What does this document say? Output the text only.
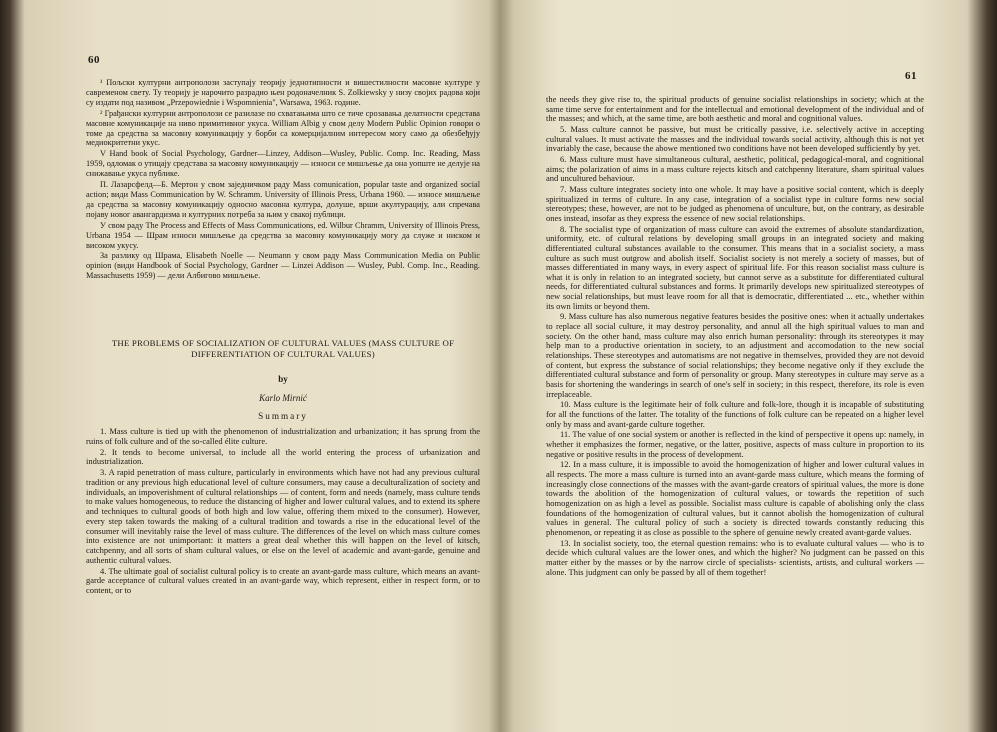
60

¹ Пољски културни антрополози заступају теорију једнотипности и вишестилности масовне културе у савременом свету. Ту теорију је нарочито разрадио њен родоначелник S. Zolkiewsky у низу својих радова који су издати под називом „Przepowiednie i Wspomnienia", Warsawa, 1963. године.

² Грађански културни антрополози се разилазе по схватањима што се тиче срозавања делатности средстава масовне комуникације на ниво примитивног укуса. William Albig у свом делу Modern Public Opinion говори о томе да средства за масовну комуникацију у борби са комерцијалним интересом могу само да обезбеђују медиокритетни укус.

V Hand book of Social Psychology, Gardner—Linzey, Addison—Wusley, Public. Comp. Inc. Reading, Mass 1959, одломак о утицају средстава за масовну комуникацију — износи се мишљење да она уопште не делује на снижавање укуса публике.

П. Лазарсфелд—Б. Мертон у свом заједничком раду Mass comunication, popular taste and organized social action; види Mass Communication by W. Schramm. University of Illinois Press, Urbana 1960. — износе мишљење да средства за масовну комуникацију односно масовна култура, долуше, врши акултурацију, али спречава појаву новог авангардизма и културних потреба за њим у свакој публици.

У свом раду The Process and Effects of Mass Communications, ed. Wilbur Chramm, University of Illinois Press, Urbana 1954 — Шрам износи мишљење да средства за масовну комуникацију могу да служе и ниском и високом укусу.

За разлику од Шрама, Elisabeth Noelle — Neumann у свом раду Mass Communication Media on Public opinion (види Handbook of Social Psychology, Gardner — Linzei Addison — Wusley, Publ. Comp. Inc., Reading. Massachusetts 1959) — дели Албигово мишљење.

THE PROBLEMS OF SOCIALIZATION OF CULTURAL VALUES (MASS CULTURE OF DIFFERENTIATION OF CULTURAL VALUES)

by

Karlo Mirnić

Summary

1. Mass culture is tied up with the phenomenon of industrialization and urbanization; it has sprung from the ruins of folk culture and of the so-called élite culture.

2. It tends to become universal, to include all the world entering the process of urbanization and industrialization.

3. A rapid penetration of mass culture, particularly in environments which have not had any previous cultural tradition or any previous high educational level of culture consumers, may cause a deculturalization of society and individuals, an impoverishment of cultural relationships — of content, form and needs (namely, mass culture tends to make values homogeneous, to reduce the distancing of higher and lower cultural values, and to extend its sphere and techniques to cultural goods of both high and low value, offering them mixed to the consumer). However, every step taken towards the making of a cultural tradition and towards a rise in the educational level of the consumer will inevitably raise the level of mass culture. The differences of the level on which mass culture comes into existence are not unimportant: it matters a great deal whether this will happen on the level of kitsch, catchpenny, and all sorts of sham cultural values, or else on the level of academic and avant-garde, genuine and authentic cultural values.

4. The ultimate goal of socialist cultural policy is to create an avant-garde mass culture, which means an avant-garde acceptance of cultural values created in an avant-garde way, which represent, either in respect form, or to content, or to

61

the needs they give rise to, the spiritual products of genuine socialist relationships in society; which at the same time serve for entertainment and for the intellectual and emotional development of the individual and of the masses; and which, at the same time, are both aesthetic and moral and cognitional values.

5. Mass culture cannot be passive, but must be critically passive, i.e. selectively active in accepting cultural values. It must activate the masses and the individual towards social activity, although this is not yet invariably the case, because the abowe mentioned two conditions have not been developed sufficiently by yet.

6. Mass culture must have simultaneous cultural, aesthetic, political, pedagogical-moral, and cognitional aims; the polarization of aims in a mass culture rejects kitsch and catchpenny literature, sham spiritual values and uncultured behaviour.

7. Mass culture integrates society into one whole. It may have a positive social content, which is deeply spiritualized in terms of culture. In any case, integration of a socialist type in culture forms new social stereotypes; these, however, are not to be judged as phenomena of unculture, but, on the contrary, as desirable ones instead, insofar as they express the essence of new social relationships.

8. The socialist type of organization of mass culture can avoid the extremes of absolute standardization, uniformity, etc. of cultural relations by developing small groups in an integrated society and making differentiated cultural substances available to the consumer. This means that in a socialist society, a mass culture as such must outgrow and abolish itself. Socialist society is not merely a society of masses, but of masses differentiated in many ways, in every aspect of spiritual life. For this reason socialist mass culture is what it is only in relation to an integrated society, but cannot serve as a substitute for differentiated cultural needs, for differentiated cultural substances and forms. It primarily develops new spiritualized stereotypes of new social relationships, but must leave room for all that is democratic, differentiated ... etc., whether within its own limits or beyond them.

9. Mass culture has also numerous negative features besides the positive ones: when it actually undertakes to replace all social culture, it may destroy personality, and annul all the high spiritual values to man and society. On the other hand, mass culture may also enrich human personality: through its stereotypes it may help man to a productive orientation in society, to an adjustment and accomodation to the new social relationships. These stereotypes and automatisms are not negative in themselves, provided they are not devoid of content, but express the substance of social relationships; they become negative only if they exclude the differentiated cultural substance and form of personality or group. Many stereotypes in culture may serve as a basis for shortening the wanderings in search of one's self in society; in this respect, therefore, its role is even irreplaceable.

10. Mass culture is the legitimate heir of folk culture and folk-lore, though it is incapable of substituting for all the functions of the latter. The totality of the functions of folk culture can be repeated on a higher level only by mass and avant-garde culture together.

11. The value of one social system or another is reflected in the kind of perspective it opens up: namely, in whether it emphasizes the former, negative, or the latter, positive, aspects of mass culture in proportion to its negative or positive results in the process of development.

12. In a mass culture, it is impossible to avoid the homogenization of higher and lower cultural values in all respects. The more a mass culture is turned into an avant-garde mass culture, which means the forming of increasingly close connections of the masses with the avant-garde creators of spiritual values, the more is done towards the abolition of the homogenization of cultural values, or towards the repetition of such homogenization on as high a level as possible. Socialist mass culture is capable of abolishing only the class foundations of the homogenization of cultural values, but it cannot abolish the homogenization of cultural values in general. The cultural policy of such a society is directed towards constantly reducing this phenomenon, or repeating it as close as possible to the sphere of genuine newly created avant-garde values.

13. In socialist society, too, the eternal question remains: who is to evaluate cultural values — who is to decide which cultural values are the lower ones, and which the higher? No judgment can be passed on this matter either by the masses or by the narrow circle of specialists- scientists, artists, and cultural workers — alone. This judgment can only be passed by all of them together!
